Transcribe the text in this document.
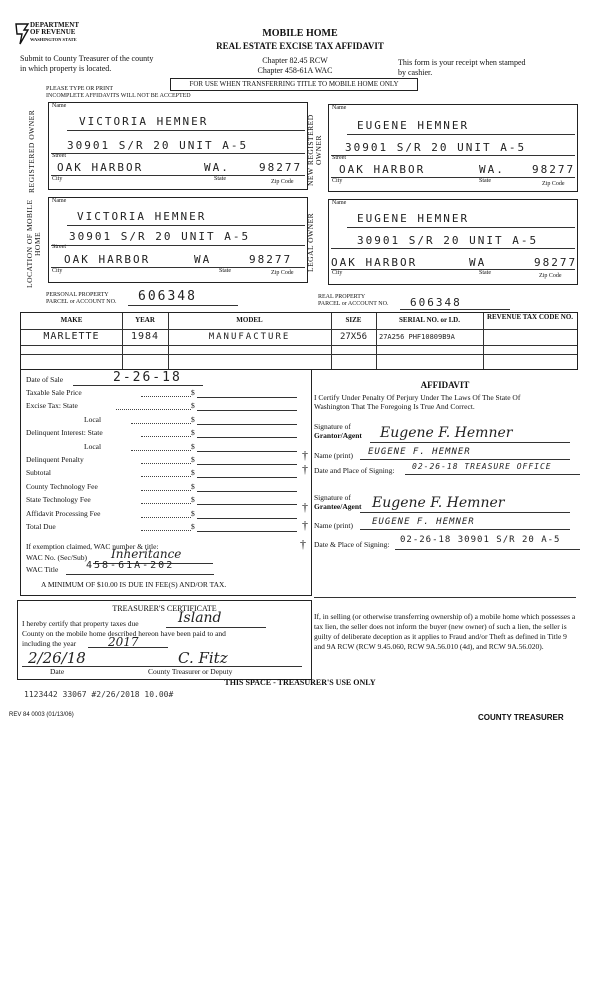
DEPARTMENT
OF REVENUE
WASHINGTON STATE
Submit to County Treasurer of the county
in which property is located.
MOBILE HOME
REAL ESTATE EXCISE TAX AFFIDAVIT
Chapter 82.45 RCW
Chapter 458-61A WAC
This form is your receipt when stamped
by cashier.
FOR USE WHEN TRANSFERRING TITLE TO MOBILE HOME ONLY
PLEASE TYPE OR PRINT
INCOMPLETE AFFIDAVITS WILL NOT BE ACCEPTED
REGISTERED OWNER
Name
VICTORIA HEMNER
30901 S/R 20 UNIT A-5
Street
OAK HARBOR	WA.	98277
City	State	Zip Code NEW REGISTERED OWNER
Name
EUGENE HEMNER
30901 S/R 20 UNIT A-5
Street
OAK HARBOR	WA. 98277
City	State	Zip Code
LOCATION OF MOBILE HOME
Name
VICTORIA HEMNER
30901 S/R 20 UNIT A-5
Street
OAK HARBOR	WA	98277
City	State	Zip Code
LEGAL OWNER
Name
EUGENE HEMNER
30901 S/R 20 UNIT A-5
OAK HARBOR	WA	98277
City	State	Zip Code
PERSONAL PROPERTY
PARCEL or ACCOUNT NO. 606348	REAL PROPERTY
PARCEL or ACCOUNT NO. 606348
MAKE	YEAR	MODEL	SIZE	SERIAL NO. or I.D.	REVENUE TAX CODE NO.
MARLETTE	1984	MANUFACTURE	27X56	27A256 PHF10809B9A
Date of Sale	2-26-18
Taxable Sale Price	$
Excise Tax: State	$
Local	$
Delinquent Interest: State	$
Local	$
Delinquent Penalty	$
Subtotal	$
County Technology Fee	$
State Technology Fee	$
Affidavit Processing Fee	$
Total Due	$
If exemption claimed, WAC number & title:
WAC No. (Sec/Sub) Inheritance
WAC Title	458-61A-202
A MINIMUM OF $10.00 IS DUE IN FEE(S) AND/OR TAX.
AFFIDAVIT
I Certify Under Penalty Of Perjury Under The Laws Of The State Of
Washington That The Foregoing Is True And Correct.
Signature of
Grantor/Agent Eugene F. Hemner
† Name (print) EUGENE F. HEMNER
† Date and Place of Signing: 02-26-18 TREASURE OFFICE
Signature of
Grantee/Agent
†	Eugene F. Hemner
† Name (print) EUGENE F. HEMNER
† Date & Place of Signing: 02-26-18 30901 S/R 20 A-5
TREASURER'S CERTIFICATE
I hereby certify that property taxes due	Island
County on the mobile home described hereon have been paid to and
including the year	2017
2/26/18	C. Fitz
Date	County Treasurer or Deputy
If, in selling (or otherwise transferring ownership of) a mobile home which possesses a tax lien, the seller does not inform the buyer (new owner) of such a lien, the seller is guilty of deliberate deception as it applies to Fraud and/or Theft as defined in Title 9 and 9A RCW (RCW 9.45.060, RCW 9A.56.010 (4d), and RCW 9A.56.020).
THIS SPACE - TREASURER'S USE ONLY
1123442 33067 #2/26/2018 10.00#
REV 84 0003 (01/13/06)	COUNTY TREASURER
